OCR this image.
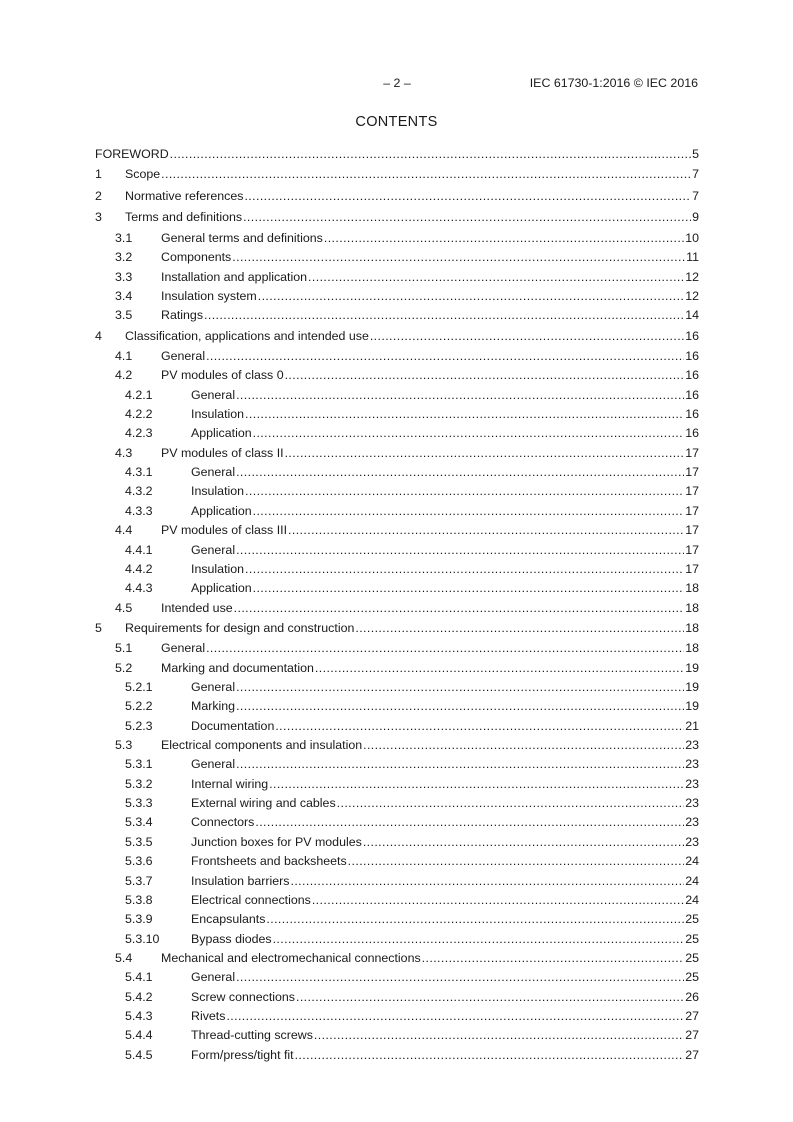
– 2 –	IEC 61730-1:2016 © IEC 2016
CONTENTS
FOREWORD .....	5
1	Scope .....	7
2	Normative references .....	7
3	Terms and definitions .....	9
3.1	General terms and definitions .....	10
3.2	Components .....	11
3.3	Installation and application .....	12
3.4	Insulation system .....	12
3.5	Ratings .....	14
4	Classification, applications and intended use .....	16
4.1	General .....	16
4.2	PV modules of class 0 .....	16
4.2.1	General .....	16
4.2.2	Insulation .....	16
4.2.3	Application .....	16
4.3	PV modules of class II .....	17
4.3.1	General .....	17
4.3.2	Insulation .....	17
4.3.3	Application .....	17
4.4	PV modules of class III .....	17
4.4.1	General .....	17
4.4.2	Insulation .....	17
4.4.3	Application .....	18
4.5	Intended use .....	18
5	Requirements for design and construction .....	18
5.1	General .....	18
5.2	Marking and documentation .....	19
5.2.1	General .....	19
5.2.2	Marking .....	19
5.2.3	Documentation .....	21
5.3	Electrical components and insulation .....	23
5.3.1	General .....	23
5.3.2	Internal wiring .....	23
5.3.3	External wiring and cables .....	23
5.3.4	Connectors .....	23
5.3.5	Junction boxes for PV modules .....	23
5.3.6	Frontsheets and backsheets .....	24
5.3.7	Insulation barriers .....	24
5.3.8	Electrical connections .....	24
5.3.9	Encapsulants .....	25
5.3.10	Bypass diodes .....	25
5.4	Mechanical and electromechanical connections .....	25
5.4.1	General .....	25
5.4.2	Screw connections .....	26
5.4.3	Rivets .....	27
5.4.4	Thread-cutting screws .....	27
5.4.5	Form/press/tight fit .....	27
